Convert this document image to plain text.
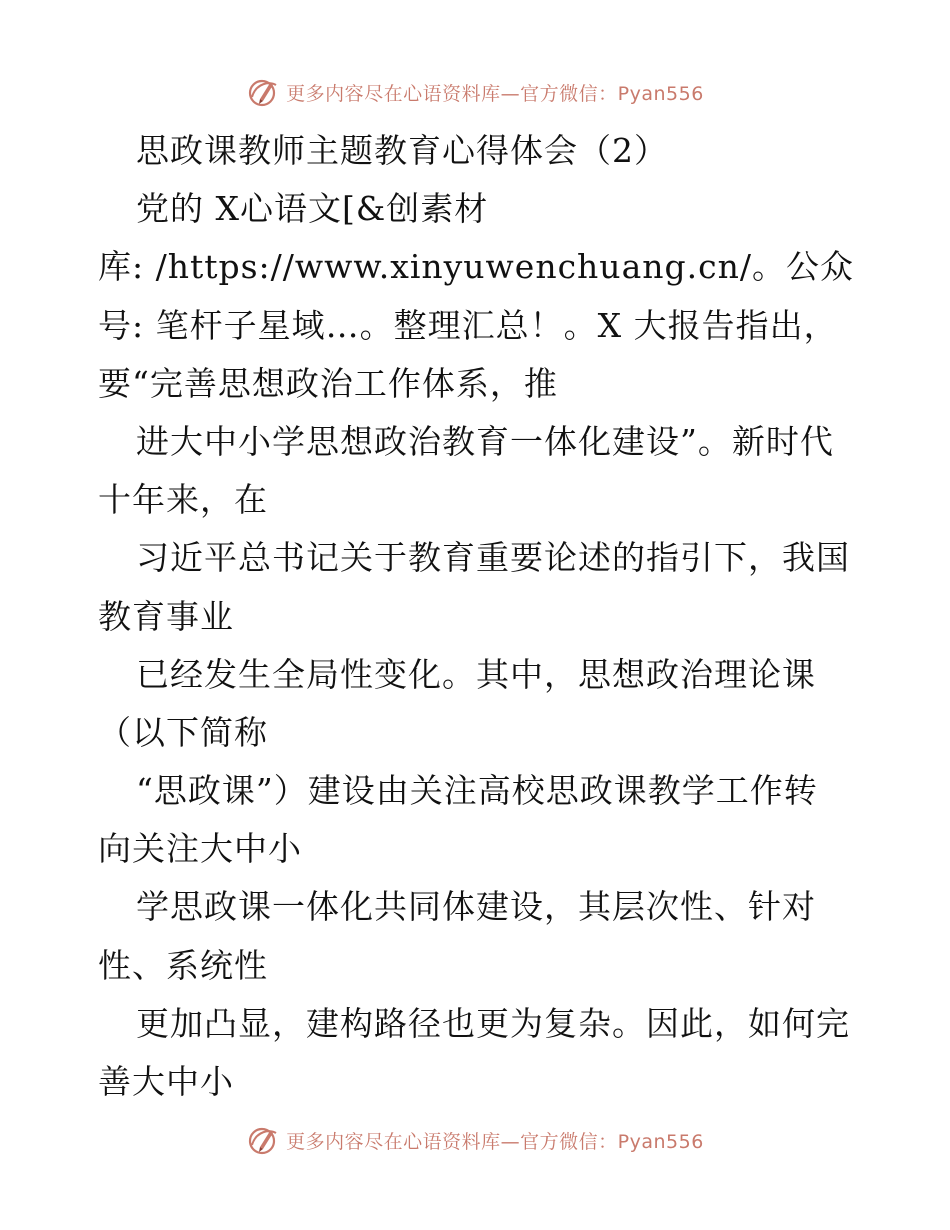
更多内容尽在心语资料库—官方微信：Pyan556
思政课教师主题教育心得体会（2）
党的 X心语文[&创素材
库: /https://www.xinyuwenchuang.cn/。公众
号: 笔杆子星域…。整理汇总！。X 大报告指出，
要“完善思想政治工作体系，推
进大中小学思想政治教育一体化建设”。新时代
十年来，在
习近平总书记关于教育重要论述的指引下，我国
教育事业
已经发生全局性变化。其中，思想政治理论课
（以下简称
“思政课”）建设由关注高校思政课教学工作转
向关注大中小
学思政课一体化共同体建设，其层次性、针对
性、系统性
更加凸显，建构路径也更为复杂。因此，如何完
善大中小
更多内容尽在心语资料库—官方微信：Pyan556
